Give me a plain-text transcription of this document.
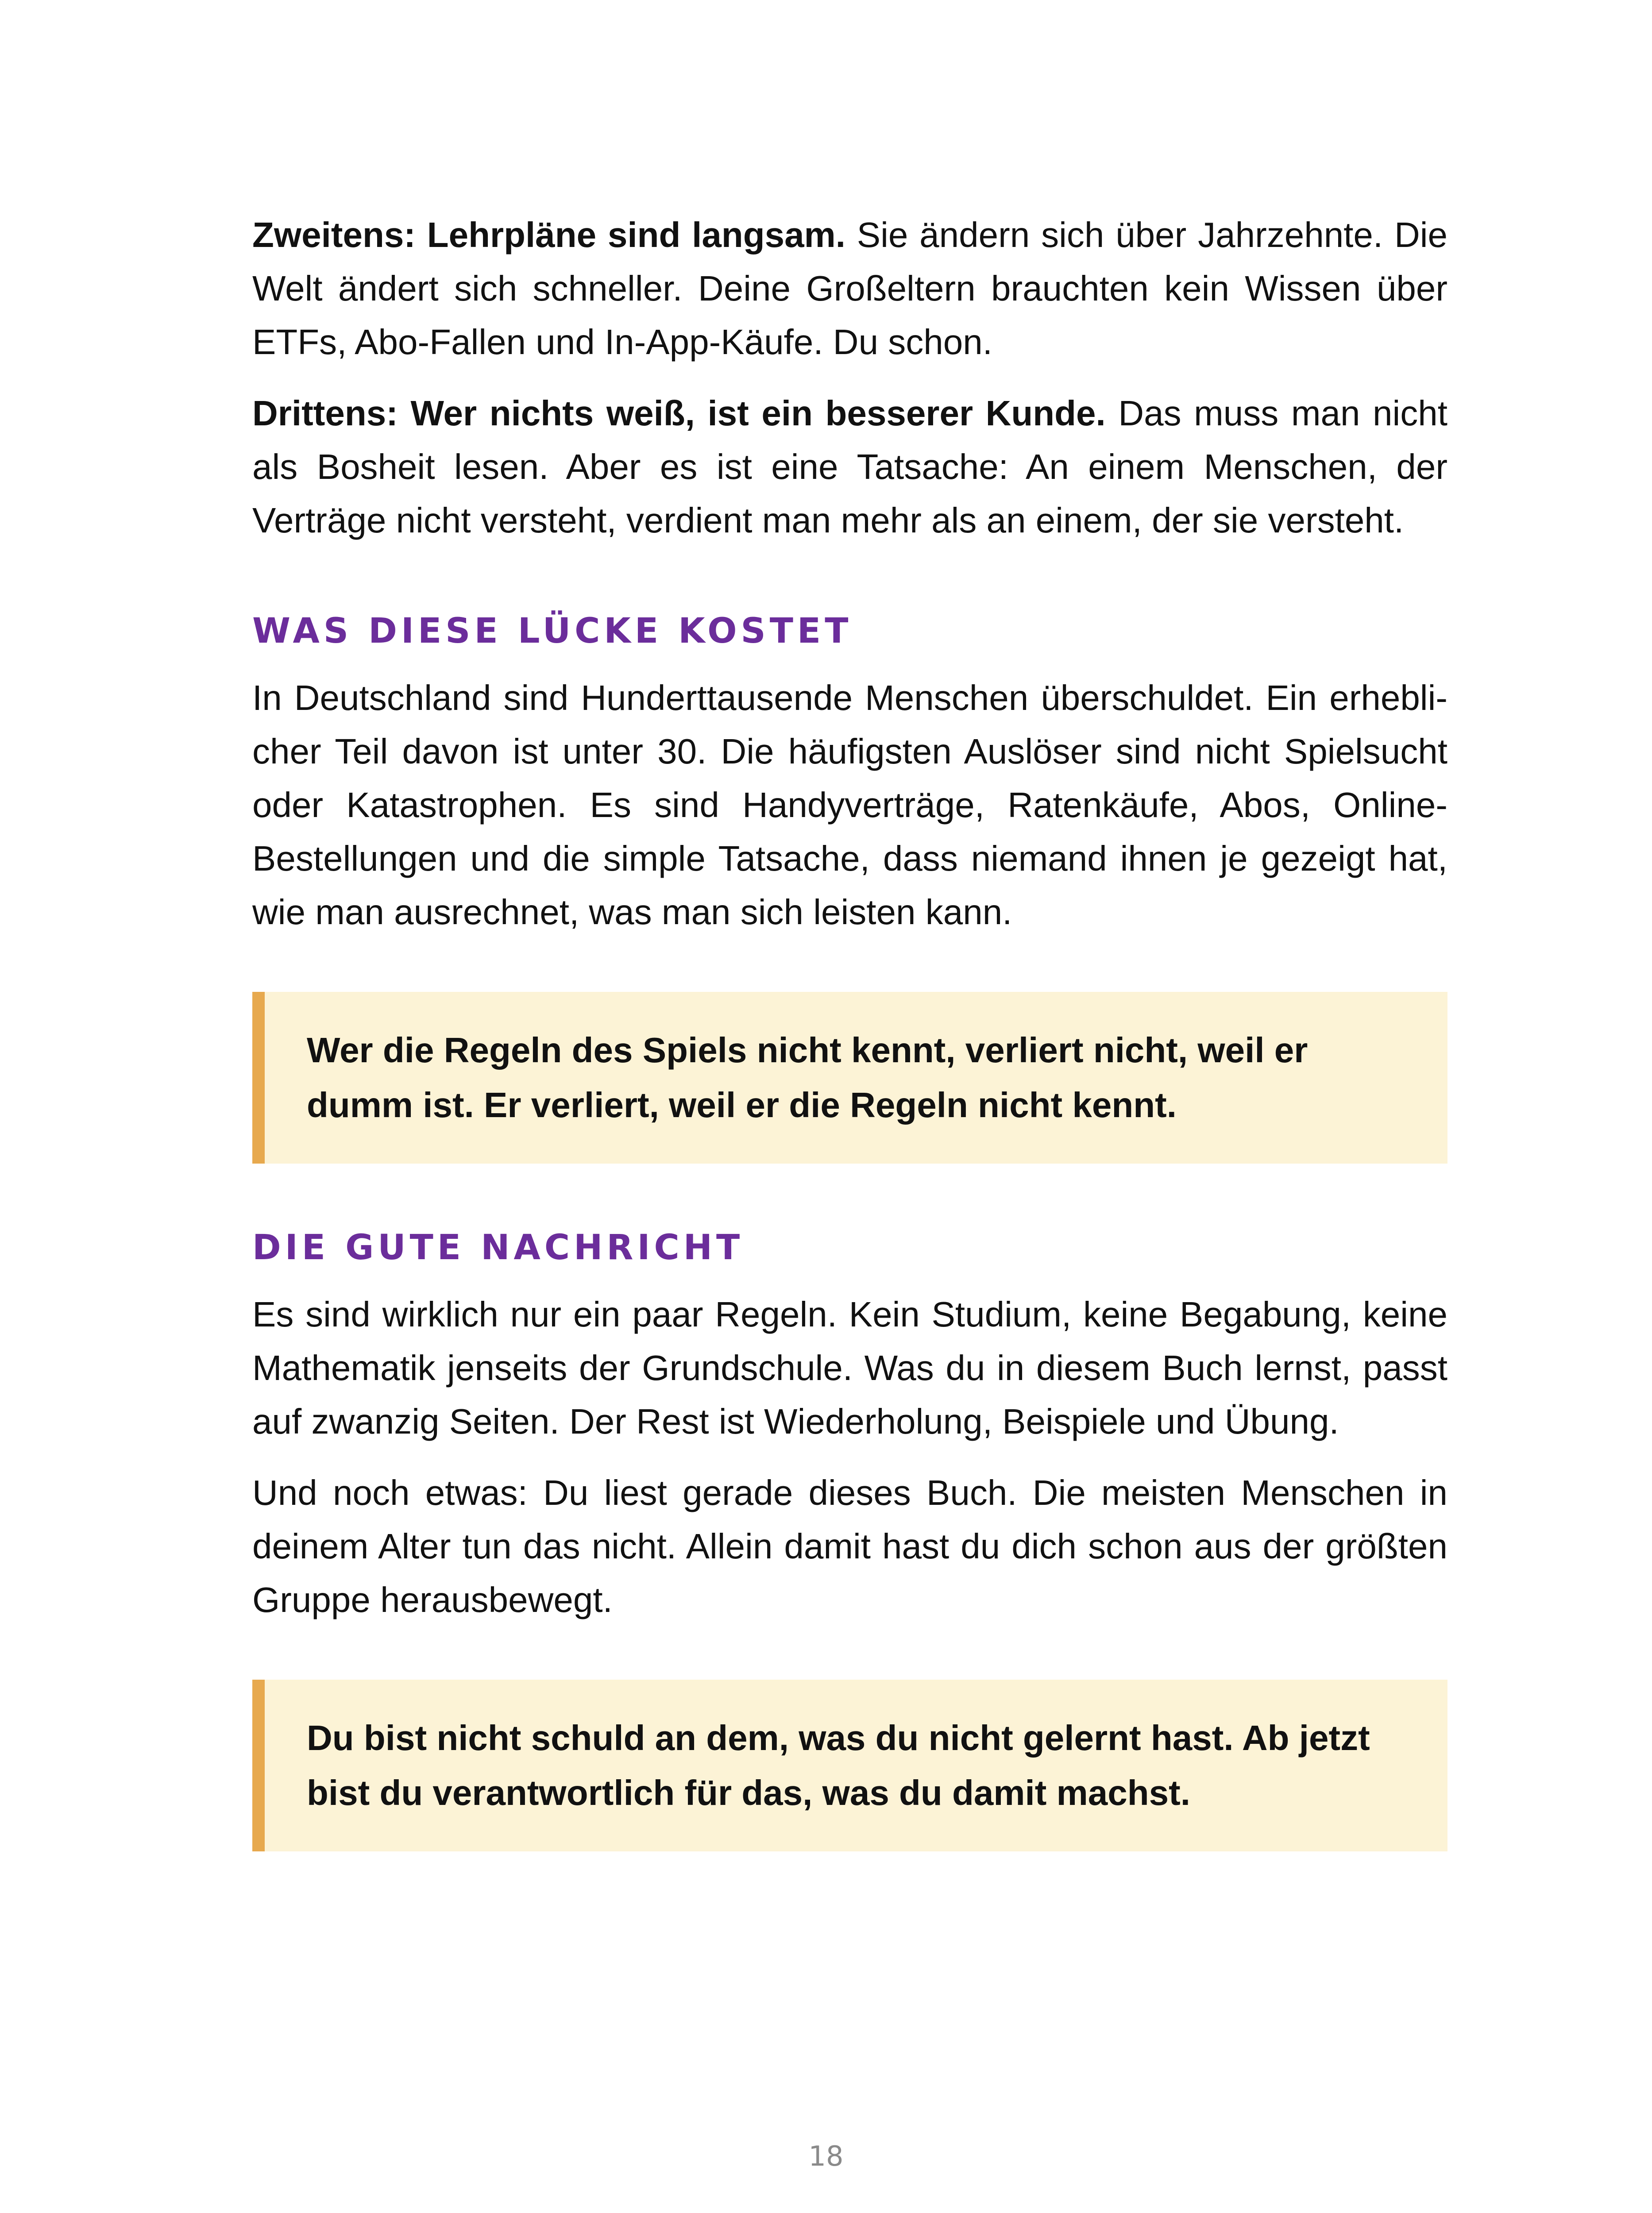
Zweitens: Lehrpläne sind langsam. Sie ändern sich über Jahrzehnte. Die Welt ändert sich schneller. Deine Großeltern brauchten kein Wissen über ETFs, Abo-Fallen und In-App-Käufe. Du schon.

Drittens: Wer nichts weiß, ist ein besserer Kunde. Das muss man nicht als Bosheit lesen. Aber es ist eine Tatsache: An einem Menschen, der Verträge nicht versteht, verdient man mehr als an einem, der sie versteht.

WAS DIESE LÜCKE KOSTET

In Deutschland sind Hunderttausende Menschen überschuldet. Ein erheblicher Teil davon ist unter 30. Die häufigsten Auslöser sind nicht Spielsucht oder Katastrophen. Es sind Handyverträge, Ratenkäufe, Abos, Online-Bestellungen und die simple Tatsache, dass niemand ihnen je gezeigt hat, wie man ausrechnet, was man sich leisten kann.

Wer die Regeln des Spiels nicht kennt, verliert nicht, weil er dumm ist. Er verliert, weil er die Regeln nicht kennt.

DIE GUTE NACHRICHT

Es sind wirklich nur ein paar Regeln. Kein Studium, keine Begabung, keine Mathematik jenseits der Grundschule. Was du in diesem Buch lernst, passt auf zwanzig Seiten. Der Rest ist Wiederholung, Beispiele und Übung.

Und noch etwas: Du liest gerade dieses Buch. Die meisten Menschen in deinem Alter tun das nicht. Allein damit hast du dich schon aus der größten Gruppe herausbewegt.

Du bist nicht schuld an dem, was du nicht gelernt hast. Ab jetzt bist du verantwortlich für das, was du damit machst.

18
